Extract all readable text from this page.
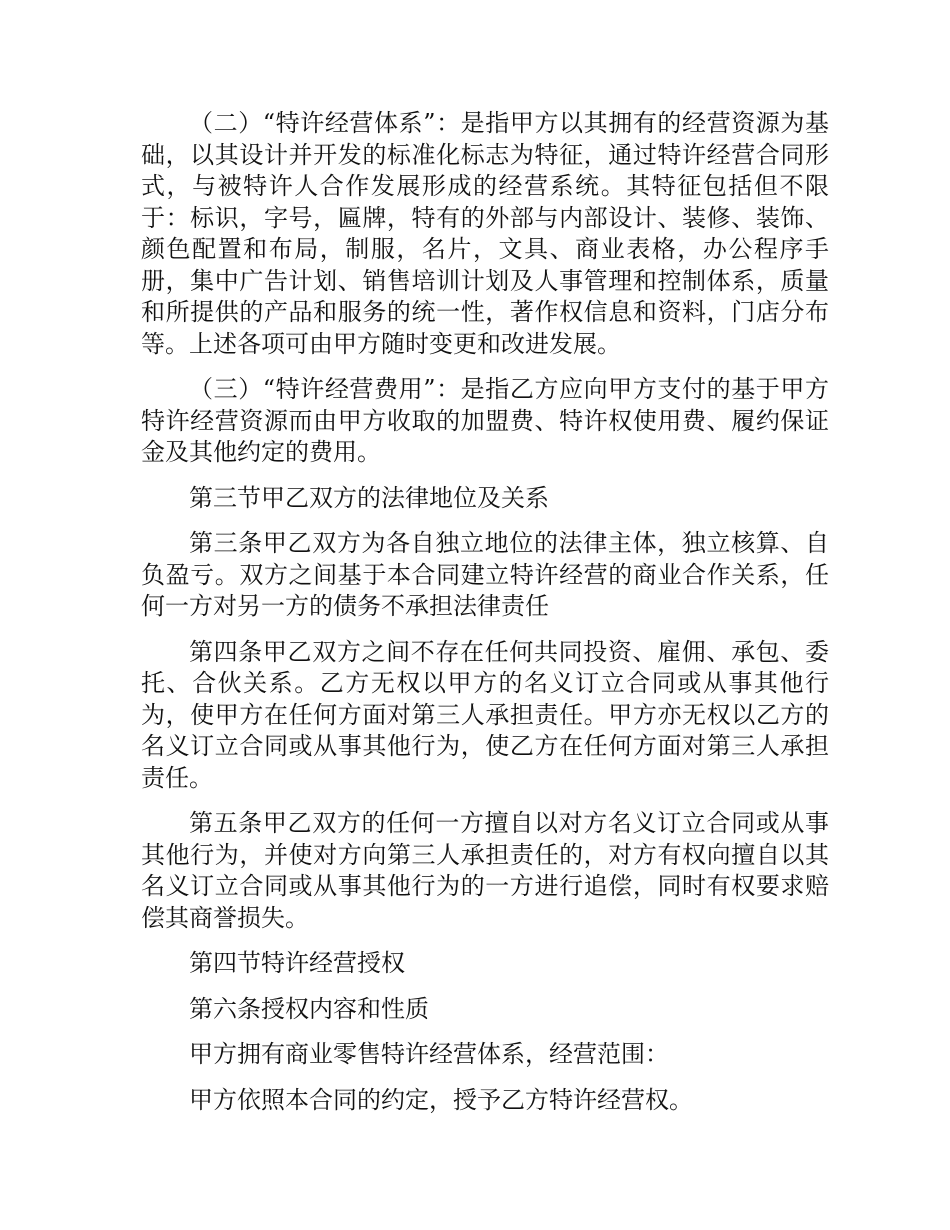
（二）“特许经营体系”：是指甲方以其拥有的经营资源为基础，以其设计并开发的标准化标志为特征，通过特许经营合同形式，与被特许人合作发展形成的经营系统。其特征包括但不限于：标识，字号，匾牌，特有的外部与内部设计、装修、装饰、颜色配置和布局，制服，名片，文具、商业表格，办公程序手册，集中广告计划、销售培训计划及人事管理和控制体系，质量和所提供的产品和服务的统一性，著作权信息和资料，门店分布等。上述各项可由甲方随时变更和改进发展。

（三）“特许经营费用”：是指乙方应向甲方支付的基于甲方特许经营资源而由甲方收取的加盟费、特许权使用费、履约保证金及其他约定的费用。

第三节甲乙双方的法律地位及关系

第三条甲乙双方为各自独立地位的法律主体，独立核算、自负盈亏。双方之间基于本合同建立特许经营的商业合作关系，任何一方对另一方的债务不承担法律责任

第四条甲乙双方之间不存在任何共同投资、雇佣、承包、委托、合伙关系。乙方无权以甲方的名义订立合同或从事其他行为，使甲方在任何方面对第三人承担责任。甲方亦无权以乙方的名义订立合同或从事其他行为，使乙方在任何方面对第三人承担责任。

第五条甲乙双方的任何一方擅自以对方名义订立合同或从事其他行为，并使对方向第三人承担责任的，对方有权向擅自以其名义订立合同或从事其他行为的一方进行追偿，同时有权要求赔偿其商誉损失。

第四节特许经营授权

第六条授权内容和性质

甲方拥有商业零售特许经营体系，经营范围：

甲方依照本合同的约定，授予乙方特许经营权。
